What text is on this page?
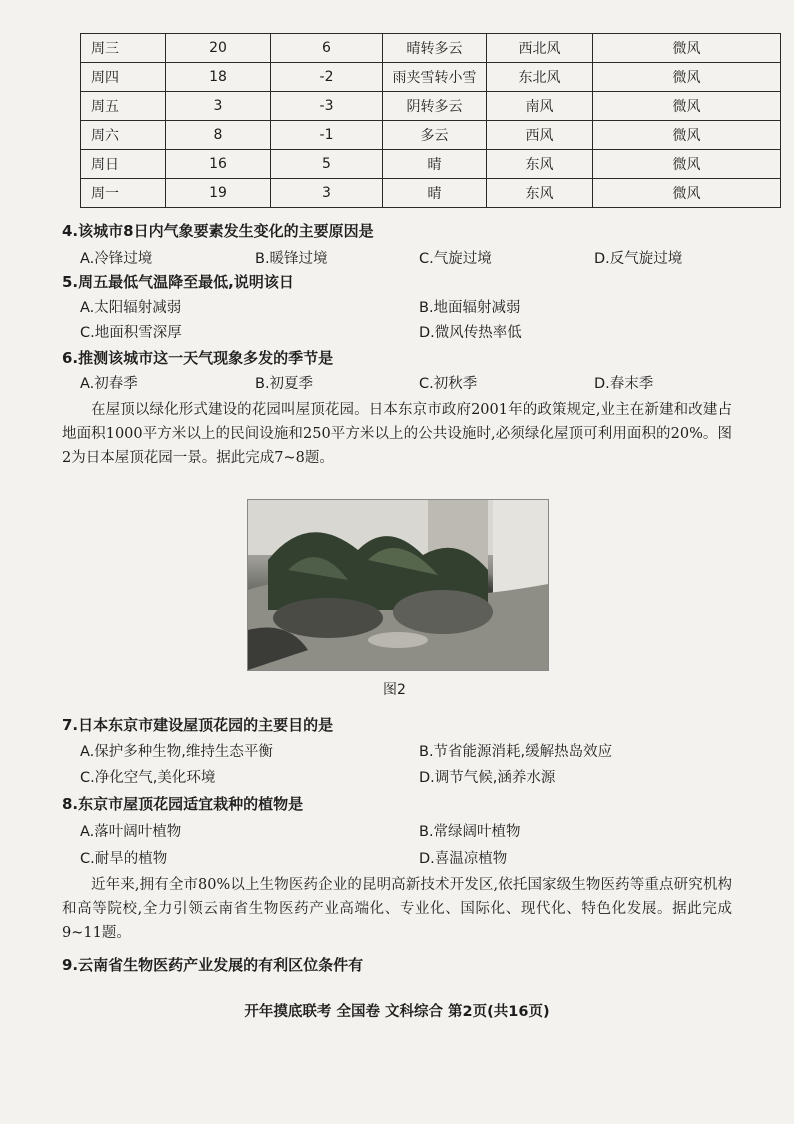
周三	20	6	晴转多云	西北风	微风
周四	18	-2	雨夹雪转小雪	东北风	微风
周五	3	-3	阴转多云	南风	微风
周六	8	-1	多云	西风	微风
周日	16	5	晴	东风	微风
周一	19	3	晴	东风	微风
4.该城市8日内气象要素发生变化的主要原因是
A.冷锋过境	B.暖锋过境	C.气旋过境	D.反气旋过境
5.周五最低气温降至最低,说明该日
A.太阳辐射减弱	B.地面辐射减弱
C.地面积雪深厚	D.微风传热率低
6.推测该城市这一天气现象多发的季节是
A.初春季	B.初夏季	C.初秋季	D.春末季
在屋顶以绿化形式建设的花园叫屋顶花园。日本东京市政府2001年的政策规定,业主在新建和改建占地面积1000平方米以上的民间设施和250平方米以上的公共设施时,必须绿化屋顶可利用面积的20%。图2为日本屋顶花园一景。据此完成7~8题。
图2
7.日本东京市建设屋顶花园的主要目的是
A.保护多种生物,维持生态平衡	B.节省能源消耗,缓解热岛效应
C.净化空气,美化环境	D.调节气候,涵养水源
8.东京市屋顶花园适宜栽种的植物是
A.落叶阔叶植物	B.常绿阔叶植物
C.耐旱的植物	D.喜温凉植物
近年来,拥有全市80%以上生物医药企业的昆明高新技术开发区,依托国家级生物医药等重点研究机构和高等院校,全力引领云南省生物医药产业高端化、专业化、国际化、现代化、特色化发展。据此完成9~11题。
9.云南省生物医药产业发展的有利区位条件有
开年摸底联考 全国卷 文科综合 第2页(共16页)
